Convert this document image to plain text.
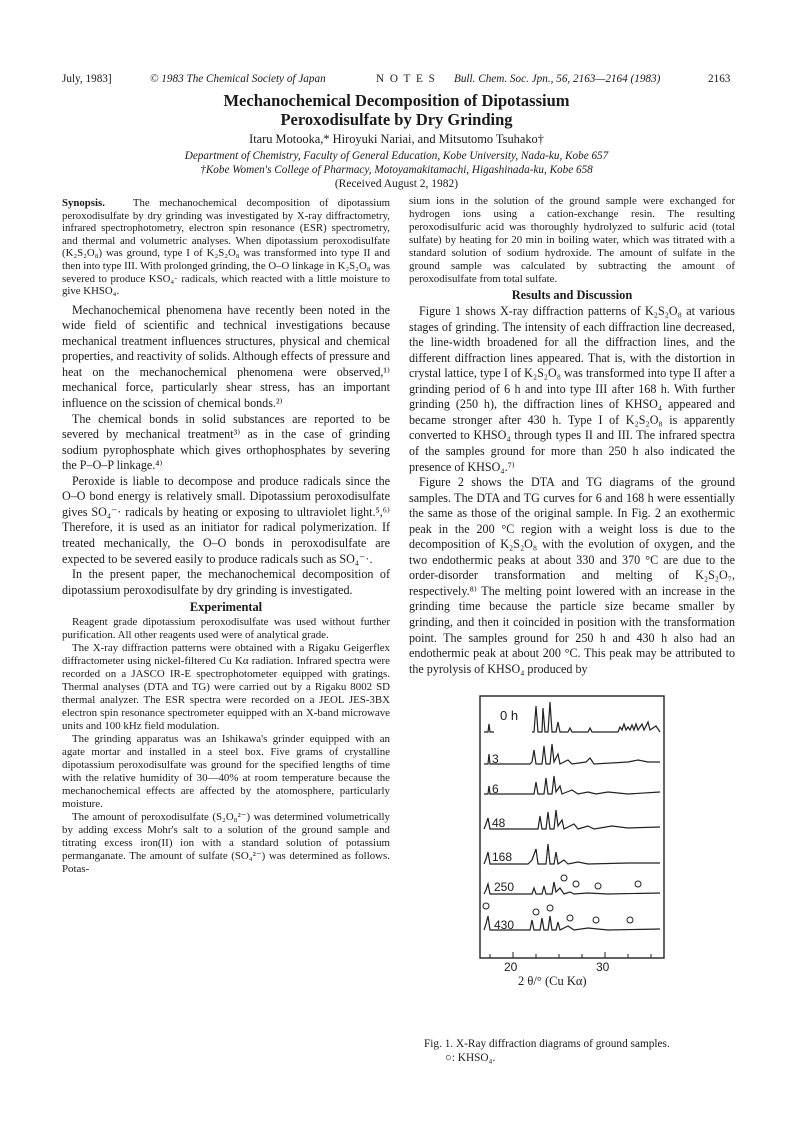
July, 1983]	© 1983 The Chemical Society of Japan	N O T E S Bull. Chem. Soc. Jpn., 56, 2163—2164 (1983)	2163
Mechanochemical Decomposition of Dipotassium
Peroxodisulfate by Dry Grinding
Itaru Motooka,* Hiroyuki Nariai, and Mitsutomo Tsuhako†
Department of Chemistry, Faculty of General Education, Kobe University, Nada-ku, Kobe 657
†Kobe Women's College of Pharmacy, Motoyamakitamachi, Higashinada-ku, Kobe 658
(Received August 2, 1982)

Synopsis.	The mechanochemical decomposition of dipotassium peroxodisulfate by dry grinding was investigated by X-ray diffractometry, infrared spectrophotometry, electron spin resonance (ESR) spectrometry, and thermal and volumetric analyses. When dipotassium peroxodisulfate (K₂S₂O₈) was ground, type I of K₂S₂O₈ was transformed into type II and then into type III. With prolonged grinding, the O–O linkage in K₂S₂O₈ was severed to produce KSO₄· radicals, which reacted with a little moisture to give KHSO₄.

Mechanochemical phenomena have recently been noted in the wide field of scientific and technical investigations because mechanical treatment influences structures, physical and chemical properties, and reactivity of solids. Although effects of pressure and heat on the mechanochemical phenomena were observed,¹⁾ mechanical force, particularly shear stress, has an important influence on the scission of chemical bonds.²⁾

The chemical bonds in solid substances are reported to be severed by mechanical treatment³⁾ as in the case of grinding sodium pyrophosphate which gives orthophosphates by severing the P–O–P linkage.⁴⁾

Peroxide is liable to decompose and produce radicals since the O–O bond energy is relatively small. Dipotassium peroxodisulfate gives SO₄⁻· radicals by heating or exposing to ultraviolet light.⁵,⁶⁾ Therefore, it is used as an initiator for radical polymerization. If treated mechanically, the O–O bonds in peroxodisulfate are expected to be severed easily to produce radicals such as SO₄⁻·.

In the present paper, the mechanochemical decomposition of dipotassium peroxodisulfate by dry grinding is investigated.

Experimental

Reagent grade dipotassium peroxodisulfate was used without further purification. All other reagents used were of analytical grade.

The X-ray diffraction patterns were obtained with a Rigaku Geigerflex diffractometer using nickel-filtered Cu Kα radiation. Infrared spectra were recorded on a JASCO IR-E spectrophotometer equipped with gratings. Thermal analyses (DTA and TG) were carried out by a Rigaku 8002 SD thermal analyzer. The ESR spectra were recorded on a JEOL JES-3BX electron spin resonance spectrometer equipped with an X-band microwave units and 100 kHz field modulation.

The grinding apparatus was an Ishikawa's grinder equipped with an agate mortar and installed in a steel box. Five grams of crystalline dipotassium peroxodisulfate was ground for the specified lengths of time with the relative humidity of 30—40% at room temperature because the mechanochemical effects are affected by the atomosphere, particularly moisture.

The amount of peroxodisulfate (S₂O₈²⁻) was determined volumetrically by adding excess Mohr's salt to a solution of the ground sample and titrating excess iron(II) ion with a standard solution of potassium permanganate. The amount of sulfate (SO₄²⁻) was determined as follows. Potas-

sium ions in the solution of the ground sample were exchanged for hydrogen ions using a cation-exchange resin. The resulting peroxodisulfuric acid was thoroughly hydrolyzed to sulfuric acid (total sulfate) by heating for 20 min in boiling water, which was titrated with a standard solution of sodium hydroxide. The amount of sulfate in the ground sample was calculated by subtracting the amount of peroxodisulfate from total sulfate.

Results and Discussion

Figure 1 shows X-ray diffraction patterns of K₂S₂O₈ at various stages of grinding. The intensity of each diffraction line decreased, the line-width broadened for all the diffraction lines, and the different diffraction lines appeared. That is, with the distortion in crystal lattice, type I of K₂S₂O₈ was transformed into type II after a grinding period of 6 h and into type III after 168 h. With further grinding (250 h), the diffraction lines of KHSO₄ appeared and became stronger after 430 h. Type I of K₂S₂O₈ is apparently converted to KHSO₄ through types II and III. The infrared spectra of the samples ground for more than 250 h also indicated the presence of KHSO₄.⁷⁾

Figure 2 shows the DTA and TG diagrams of the ground samples. The DTA and TG curves for 6 and 168 h were essentially the same as those of the original sample. In Fig. 2 an exothermic peak in the 200 °C region with a weight loss is due to the decomposition of K₂S₂O₈ with the evolution of oxygen, and the two endothermic peaks at about 330 and 370 °C are due to the order-disorder transformation and melting of K₂S₂O₇, respectively.⁸⁾ The melting point lowered with an increase in the grinding time because the particle size became smaller by grinding, and then it coincided in position with the transformation point. The samples ground for 250 h and 430 h also had an endothermic peak at about 200 °C. This peak may be attributed to the pyrolysis of KHSO₄ produced by

0 h
3
6
48
168
250
430
20	30
2 θ/° (Cu Kα)
Fig. 1. X-Ray diffraction diagrams of ground samples.
○: KHSO₄.
